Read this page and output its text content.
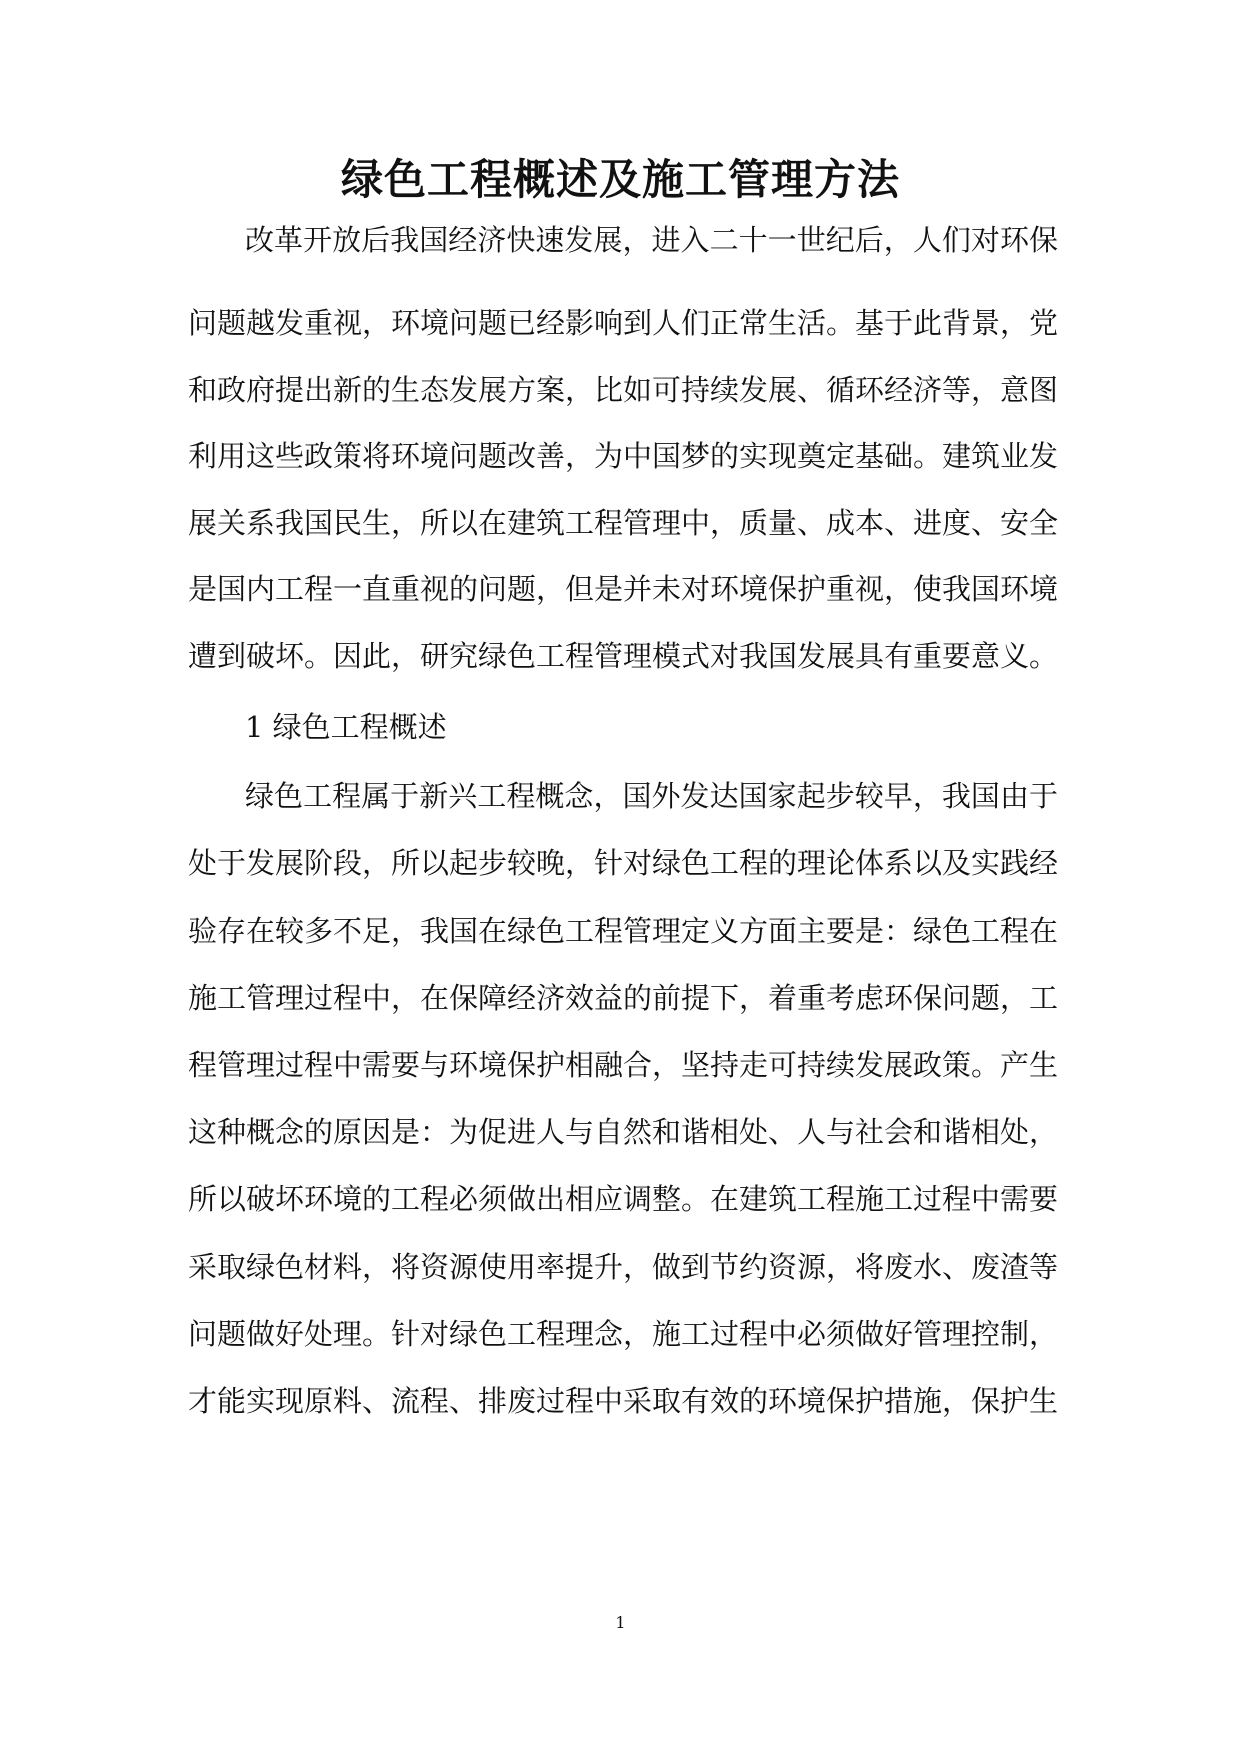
绿色工程概述及施工管理方法
改革开放后我国经济快速发展，进入二十一世纪后，人们对环保
问题越发重视，环境问题已经影响到人们正常生活。基于此背景，党
和政府提出新的生态发展方案，比如可持续发展、循环经济等，意图
利用这些政策将环境问题改善，为中国梦的实现奠定基础。建筑业发
展关系我国民生，所以在建筑工程管理中，质量、成本、进度、安全
是国内工程一直重视的问题，但是并未对环境保护重视，使我国环境
遭到破坏。因此，研究绿色工程管理模式对我国发展具有重要意义。
1 绿色工程概述
绿色工程属于新兴工程概念，国外发达国家起步较早，我国由于
处于发展阶段，所以起步较晚，针对绿色工程的理论体系以及实践经
验存在较多不足，我国在绿色工程管理定义方面主要是：绿色工程在
施工管理过程中，在保障经济效益的前提下，着重考虑环保问题，工
程管理过程中需要与环境保护相融合，坚持走可持续发展政策。产生
这种概念的原因是：为促进人与自然和谐相处、人与社会和谐相处，
所以破坏环境的工程必须做出相应调整。在建筑工程施工过程中需要
采取绿色材料，将资源使用率提升，做到节约资源，将废水、废渣等
问题做好处理。针对绿色工程理念，施工过程中必须做好管理控制，
才能实现原料、流程、排废过程中采取有效的环境保护措施，保护生
1
